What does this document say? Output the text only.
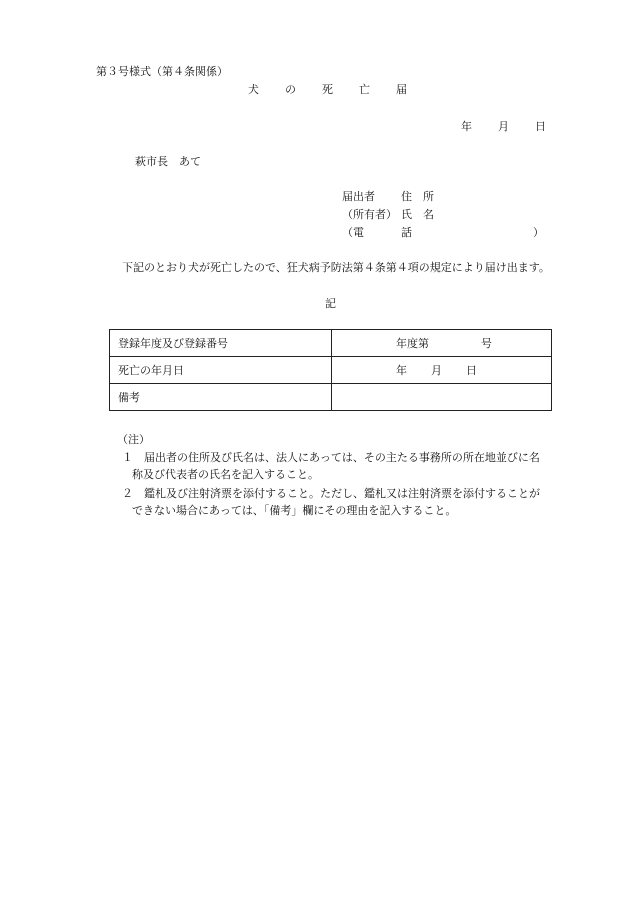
第３号様式（第４条関係）
犬の死亡届
年 月 日
萩市長　あて
届出者	住所
（所有者） 氏名
（電	話	）
下記のとおり犬が死亡したので、狂犬病予防法第４条第４項の規定により届け出ます。
記
登録年度及び登録番号	年度第 号
死亡の年月日	年 月 日
備考	
（注）
１ 届出者の住所及び氏名は、法人にあっては、その主たる事務所の所在地並びに名
称及び代表者の氏名を記入すること。
２ 鑑札及び注射済票を添付すること。ただし、鑑札又は注射済票を添付することが
できない場合にあっては、「備考」欄にその理由を記入すること。
